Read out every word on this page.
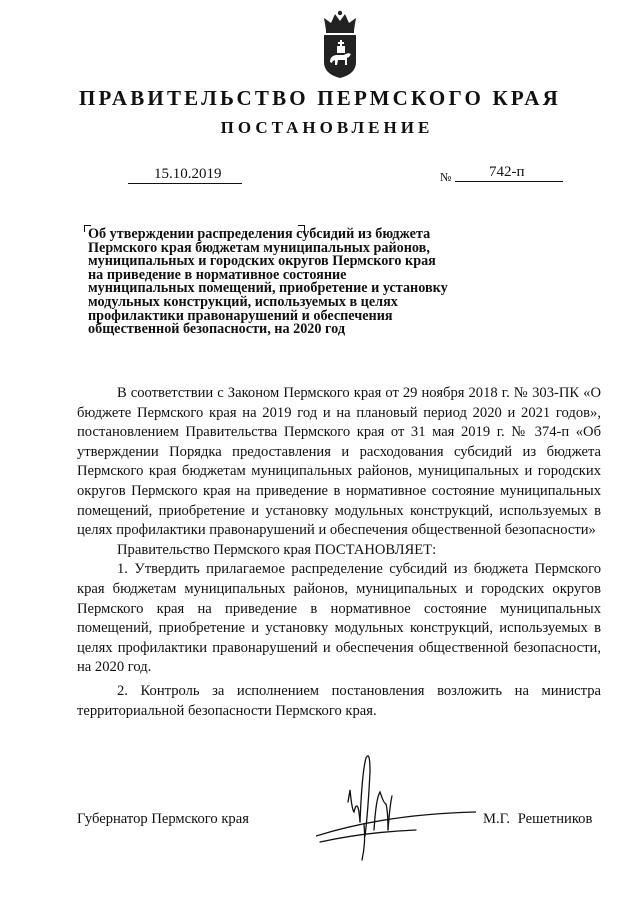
ПРАВИТЕЛЬСТВО ПЕРМСКОГО КРАЯ
ПОСТАНОВЛЕНИЕ
15.10.2019	№	742-п
Об утверждении распределения субсидий из бюджета
Пермского края бюджетам муниципальных районов,
муниципальных и городских округов Пермского края
на приведение в нормативное состояние
муниципальных помещений, приобретение и установку
модульных конструкций, используемых в целях
профилактики правонарушений и обеспечения
общественной безопасности, на 2020 год

В соответствии с Законом Пермского края от 29 ноября 2018 г. № 303-ПК «О бюджете Пермского края на 2019 год и на плановый период 2020 и 2021 годов», постановлением Правительства Пермского края от 31 мая 2019 г. № 374-п «Об утверждении Порядка предоставления и расходования субсидий из бюджета Пермского края бюджетам муниципальных районов, муниципальных и городских округов Пермского края на приведение в нормативное состояние муниципальных помещений, приобретение и установку модульных конструкций, используемых в целях профилактики правонарушений и обеспечения общественной безопасности»

Правительство Пермского края ПОСТАНОВЛЯЕТ:

1. Утвердить прилагаемое распределение субсидий из бюджета Пермского края бюджетам муниципальных районов, муниципальных и городских округов Пермского края на приведение в нормативное состояние муниципальных помещений, приобретение и установку модульных конструкций, используемых в целях профилактики правонарушений и обеспечения общественной безопасности, на 2020 год.

2. Контроль за исполнением постановления возложить на министра территориальной безопасности Пермского края.

Губернатор Пермского края	М.Г. Решетников
